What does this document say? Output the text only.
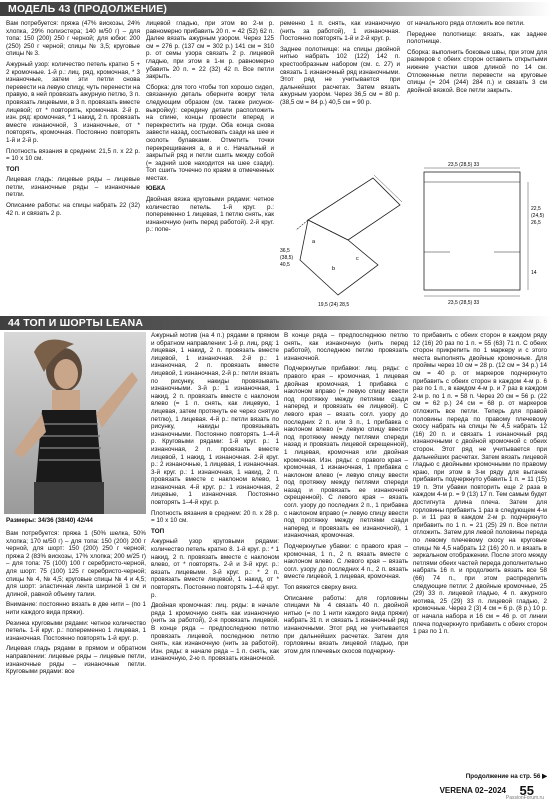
МОДЕЛЬ 43 (ПРОДОЛЖЕНИЕ)
44 ТОП И ШОРТЫ LEANA

Вам потребуется: пряжа (47% вискозы, 24% хлопка, 29% полиэстера; 140 м/50 г) – для топа: 150 (200) 250 г черной; для юбки: 200 (250) 250 г черной; спицы № 3,5; круговые спицы № 3.

Ажурный узор: количество петель кратно 5 + 2 кромочные. 1-й р.: лиц. ряд, кромочная, * 3 изнаночные, затем эти петли снова перевести на левую спицу, чуть перенести на правую, в ней провязать ажурную петлю, 3 п. провязать лицевыми, в 3 п. провязать вместе лицевой; от * повторить, кромочная. 2-й р. изн. ряд: кромочная, * 1 накид, 2 п. провязать вместе изнаночной, 3 изнаночные, от * повторять, кромочная. Постоянно повторять 1-й и 2-й р.

Плотность вязания в среднем: 21,5 п. х 22 р. = 10 х 10 см.

ТОП

Лицевая гладь: лицевые ряды – лицевые петли, изнаночные ряды – изнаночные петли.

Описание работы: на спицы набрать 22 (32) 42 п. и связать 2 р.

лицевой гладью, при этом во 2-м р. равномерно прибавить 20 п. = 42 (52) 62 п. Далее вязать ажурным узором. Через 125 см = 276 р. (137 см = 302 р.) 141 см = 310 р. от семы узора связать 2 р. лицевой гладью, при этом в 1-м р. равномерно убавить 20 п. = 22 (32) 42 п. Все петли закрыть.

Сборка: для того чтобы топ хорошо сидел, связанную деталь оберните вокруг тела следующим образом (см. также рисунок-выкройку): середину детали расположить на спине, концы провести вперед и перекрестить на груди. Оба конца снова завести назад, состыковать сзади на шее и сколоть булавками. Отметить точки перекрещивания а, в и с. Начальный и закрытый ряд и петли сшить между собой (= задний шов находится на шее сзади). Топ сшить точечно по краям в отмеченных местах.

ЮБКА

Двойная вязка круговыми рядами: четное количество петель. 1-й круг. р.: попеременно 1 лицевая, 1 петлю снять, как изнаночную (нить перед работой). 2-й круг. р.: попе-

ременно 1 п. снять, как изнаночную (нить за работой), 1 изнаночная. Постоянно повторять 1-й и 2-й круг. р.

Заднее полотнище: на спицы двойной нитью набрать 102 (122) 142 п. крестообразным набором (см. с. 27) и связать 1 изнаночный ряд изнаночными. Этот ряд не учитывается при дальнейших расчетах. Затем вязать ажурным узором. Через 36,5 см = 80 р. (38,5 см = 84 р.) 40,5 см = 90 р.

от начального ряда отложить все петли.

Переднее полотнище: вязать, как заднее полотнище.

Сборка: выполнить боковые швы, при этом для размеров с обеих сторон оставить открытыми нижние участки швов длиной по 14 см. Отложенные петли перевести на круговые спицы (= 204 (244) 284 п.) и связать 3 см двойной вязкой. Все петли закрыть.

a
b
c
36,5
(38,5)
40,5
19,5 (24) 28,5
23,5 (28,5) 33
22,5
(24,5)
26,5
14
23,5 (28,5) 33

Размеры: 34/36 (38/40) 42/44

Вам потребуется: пряжа 1 (50% шелка, 50% хлопка; 170 м/50 г) – для топа: 150 (200) 200 г черной, для шорт: 150 (200) 250 г черной; пряжа 2 (83% вискозы, 17% хлопка; 200 м/25 г) – для топа: 75 (100) 100 г серебристо-черной, для шорт: 75 (100) 125 г серебристо-черной; спицы № 4, № 4,5; круговые спицы № 4 и 4,5; для шорт: эластичная лента шириной 1 см и длиной, равной объему талии.

Внимание: постоянно вязать в две нити – (по 1 нити каждого вида пряжи).

Резинка круговыми рядами: четное количество петель. 1-й круг. р.: попеременно 1 лицевая, 1 изнаночная. Постоянно повторять 1-й круг. р.

Лицевая гладь рядами в прямом и обратном направлении: лицевые ряды – лицевые петли, изнаночные ряды – изнаночные петли. Круговыми рядами: все

Ажурный мотив (на 4 п.) рядами в прямом и обратном направлении: 1-й р. лиц. ряд: 1 лицевая, 1 накид, 2 п. провязать вместе лицевой, 1 изнаночная. 2-й р.: 1 изнаночная, 2 п. провязать вместе лицевой, 1 изнаночная, 2-й р.: петли вязать по рисунку, накиды провязывать изнаночными. 3-й р.: 1 изнаночная, 1 накид, 2 п. провязать вместе с наклоном влево (= 1 п. снять, как лицевую, 1 лицевая, затем протянуть ее через снятую петлю), 1 лицевая. 4-й р.: петли вязать по рисунку, накиды провязывать изнаночными. Постоянно повторять 1–4-й р. Круговыми рядами: 1-й круг. р.: 1 изнаночная, 2 п. провязать вместе лицевой, 1 накид, 1 изнаночная. 2-й круг. р.: 2 изнаночные, 1 лицевая, 1 изнаночная. 3-й круг. р.: 1 изнаночная, 1 накид, 2 п. провязать вместе с наклоном влево, 1 изнаночная. 4-й круг. р.: 1 изнаночная, 2 лицевые, 1 изнаночная. Постоянно повторять 1–4-й круг. р.

Плотность вязания в среднем: 20 п. х 28 р. = 10 х 10 см.

ТОП

Ажурный узор круговыми рядами: количество петель кратно 8. 1-й круг. р.: * 1 накид, 2 п. провязать вместе с наклоном влево, от * повторять. 2-й и 3-й круг. р.: вязать лицевыми. 3-й круг. р.: * 2 п. провязать вместе лицевой, 1 накид, от * повторять. Постоянно повторять 1–4-й круг. р.

Двойная кромочная: лиц. ряды: в начале ряда 1 кромочную снять как изнаночную (нить за работой), 2-я провязать лицевой. В конце ряда – предпоследнюю петлю провязать лицевой, последнюю петлю снять, как изнаночную (нить за работой). Изн. ряды: в начале ряда – 1 п. снять, как изнаночную, 2-ю п. провязать изнаночной.

В конце ряда – предпоследнюю петлю снять, как изнаночную (нить перед работой), последнюю петлю провязать изнаночной.

Подчеркнутые прибавки: лиц. ряды: с правого края – кромочная, 1 лицевая двойная кромочная, 1 прибавка с наклоном вправо (= левую спицу ввести под протяжку между петлями сзади наперед и провязать ее лицевой). С левого края – вязать согл. узору до последних 2 п. или 3 п., 1 прибавка с наклоном влево (= левую спицу ввести под протяжку между петлями спереди назад и провязать лицевой скрещенной), 1 лицевая, кромочная или двойная кромочная. Изн. ряды: с правого края – кромочная, 1 изнаночная, 1 прибавка с наклоном влево (= левую спицу ввести под протяжку между петлями спереди назад и провязать ее изнаночной скрещенной). С левого края – вязать согл. узору до последних 2 п., 1 прибавка с наклоном вправо (= левую спицу ввести под протяжку между петлями сзади наперед и провязать ее изнаночной), 1 изнаночная, кромочная.

Подчеркнутые убавки: с правого края – кромочная, 1 п., 2 п. вязать вместе с наклоном влево. С левого края – вязать согл. узору до последних 4 п., 2 п. вязать вместе лицевой, 1 лицевая, кромочная.

Топ вяжется сверху вниз.

Описание работы: для горловины спицами № 4 связать 40 п. двойной нитью (= по 1 нити каждого вида пряжи) набрать 31 п. и связать 1 изнаночный ряд изнаночными. Этот ряд не учитывается при дальнейших расчетах. Затем для горловины вязать лицевой гладью, при этом для плечевых скосов подчеркну-

то прибавить с обеих сторон в каждом ряду 12 (16) 20 раз по 1 п. = 55 (63) 71 п. С обеих сторон прикрепить по 1 маркеру и с этого места выполнять двойные кромочные. Для проймы через 10 см = 28 р. (12 см = 34 р.) 14 см = 40 р. от маркеров подчеркнуто прибавить с обеих сторон в каждом 4-м р. 6 раз по 1 п., в каждом 4-м р. и 7 раз в каждом 2-м р. по 1 п. = 58 п. Через 20 см = 56 р. (22 см = 62 р.) 24 см = 68 р. от маркеров отложить все петли. Теперь для правой половины переда по правому плечевому скосу набрать на спицы № 4,5 набрать 12 (16) 20 п. и связать 1 изнаночный ряд изнаночными с двойной кромочной с обеих сторон. Этот ряд не учитывается при дальнейших расчетах. Затем вязать лицевой гладью с двойными кромочными по правому краю, при этом в 3-м ряду для вытачек прибавить подчеркнуто убавить 1 п. = 11 (15) 19 п. Эти убавки повторить еще 2 раза в каждом 4-м р. = 9 (13) 17 п. Тем самым будет достигнута длина плеча. Затем для горловины прибавить 1 раз в следующем 4-м р. и 11 раз в каждом 2-м р. подчеркнуто прибавить по 1 п. = 21 (25) 29 п. Все петли отложить. Затем для левой половины переда по левому плечевому скосу на круговые спицы № 4,5 набрать 12 (16) 20 п. и вязать в зеркальном отображении. После этого между петлями обеих частей переда дополнительно набрать 16 п. и продолжить вязать все 58 (66) 74 п., при этом распределить следующие петли: 2 двойные кромочные, 25 (29) 33 п. лицевой гладью, 4 п. ажурного мотива, 25 (29) 33 п. лицевой гладью, 2 кромочные. Через 2 (3) 4 см = 6 р. (8 р.) 10 р. от начала набора и 16 см = 46 р. от линии плеча подчеркнуто прибавить с обеих сторон 1 раз по 1 п.

Продолжение на стр. 56 ▶

VERENA 02–2024 55
PassionForum.ru
